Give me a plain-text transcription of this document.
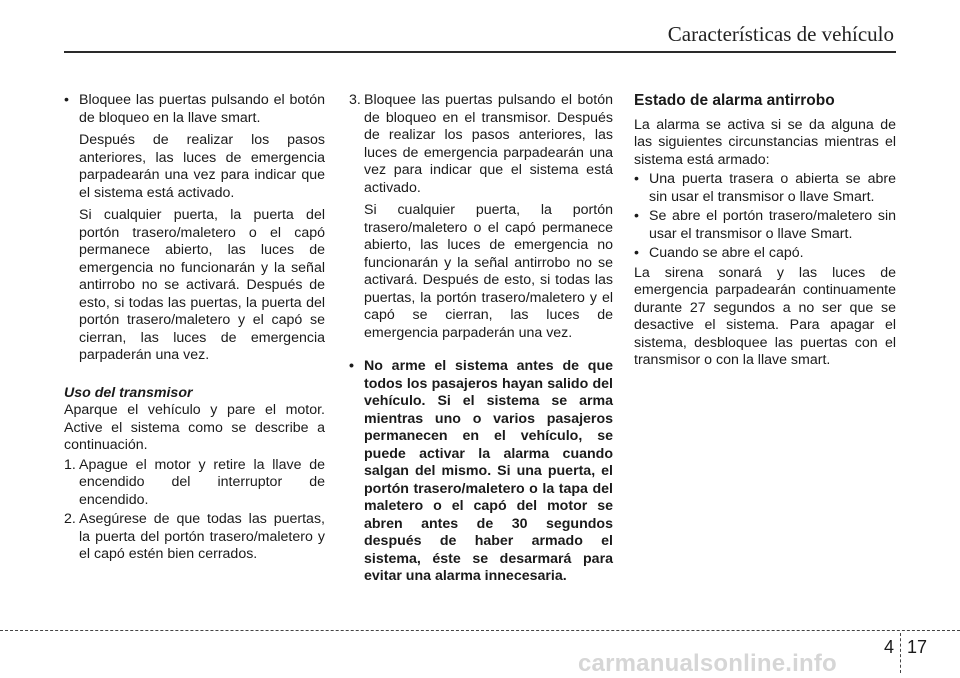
Características de vehículo

• Bloquee las puertas pulsando el botón de bloqueo en la llave smart.

Después de realizar los pasos anteriores, las luces de emergencia parpadearán una vez para indicar que el sistema está activado.

Si cualquier puerta, la puerta del portón trasero/maletero o el capó permanece abierto, las luces de emergencia no funcionarán y la señal antirrobo no se activará. Después de esto, si todas las puertas, la puerta del portón trasero/maletero y el capó se cierran, las luces de emergencia parpaderán una vez.

Uso del transmisor

Aparque el vehículo y pare el motor. Active el sistema como se describe a continuación.

1. Apague el motor y retire la llave de encendido del interruptor de encendido.

2. Asegúrese de que todas las puertas, la puerta del portón trasero/maletero y el capó estén bien cerrados.

3. Bloquee las puertas pulsando el botón de bloqueo en el transmisor. Después de realizar los pasos anteriores, las luces de emergencia parpadearán una vez para indicar que el sistema está activado.

Si cualquier puerta, la portón trasero/maletero o el capó permanece abierto, las luces de emergencia no funcionarán y la señal antirrobo no se activará. Después de esto, si todas las puertas, la portón trasero/maletero y el capó se cierran, las luces de emergencia parpaderán una vez.

• No arme el sistema antes de que todos los pasajeros hayan salido del vehículo. Si el sistema se arma mientras uno o varios pasajeros permanecen en el vehículo, se puede activar la alarma cuando salgan del mismo. Si una puerta, el portón trasero/maletero o la tapa del maletero o el capó del motor se abren antes de 30 segundos después de haber armado el sistema, éste se desarmará para evitar una alarma innecesaria.

Estado de alarma antirrobo

La alarma se activa si se da alguna de las siguientes circunstancias mientras el sistema está armado:

• Una puerta trasera o abierta se abre sin usar el transmisor o llave Smart.

• Se abre el portón trasero/maletero sin usar el transmisor o llave Smart.

• Cuando se abre el capó.

La sirena sonará y las luces de emergencia parpadearán continuamente durante 27 segundos a no ser que se desactive el sistema. Para apagar el sistema, desbloquee las puertas con el transmisor o con la llave smart.

4 17
carmanualsonline.info
